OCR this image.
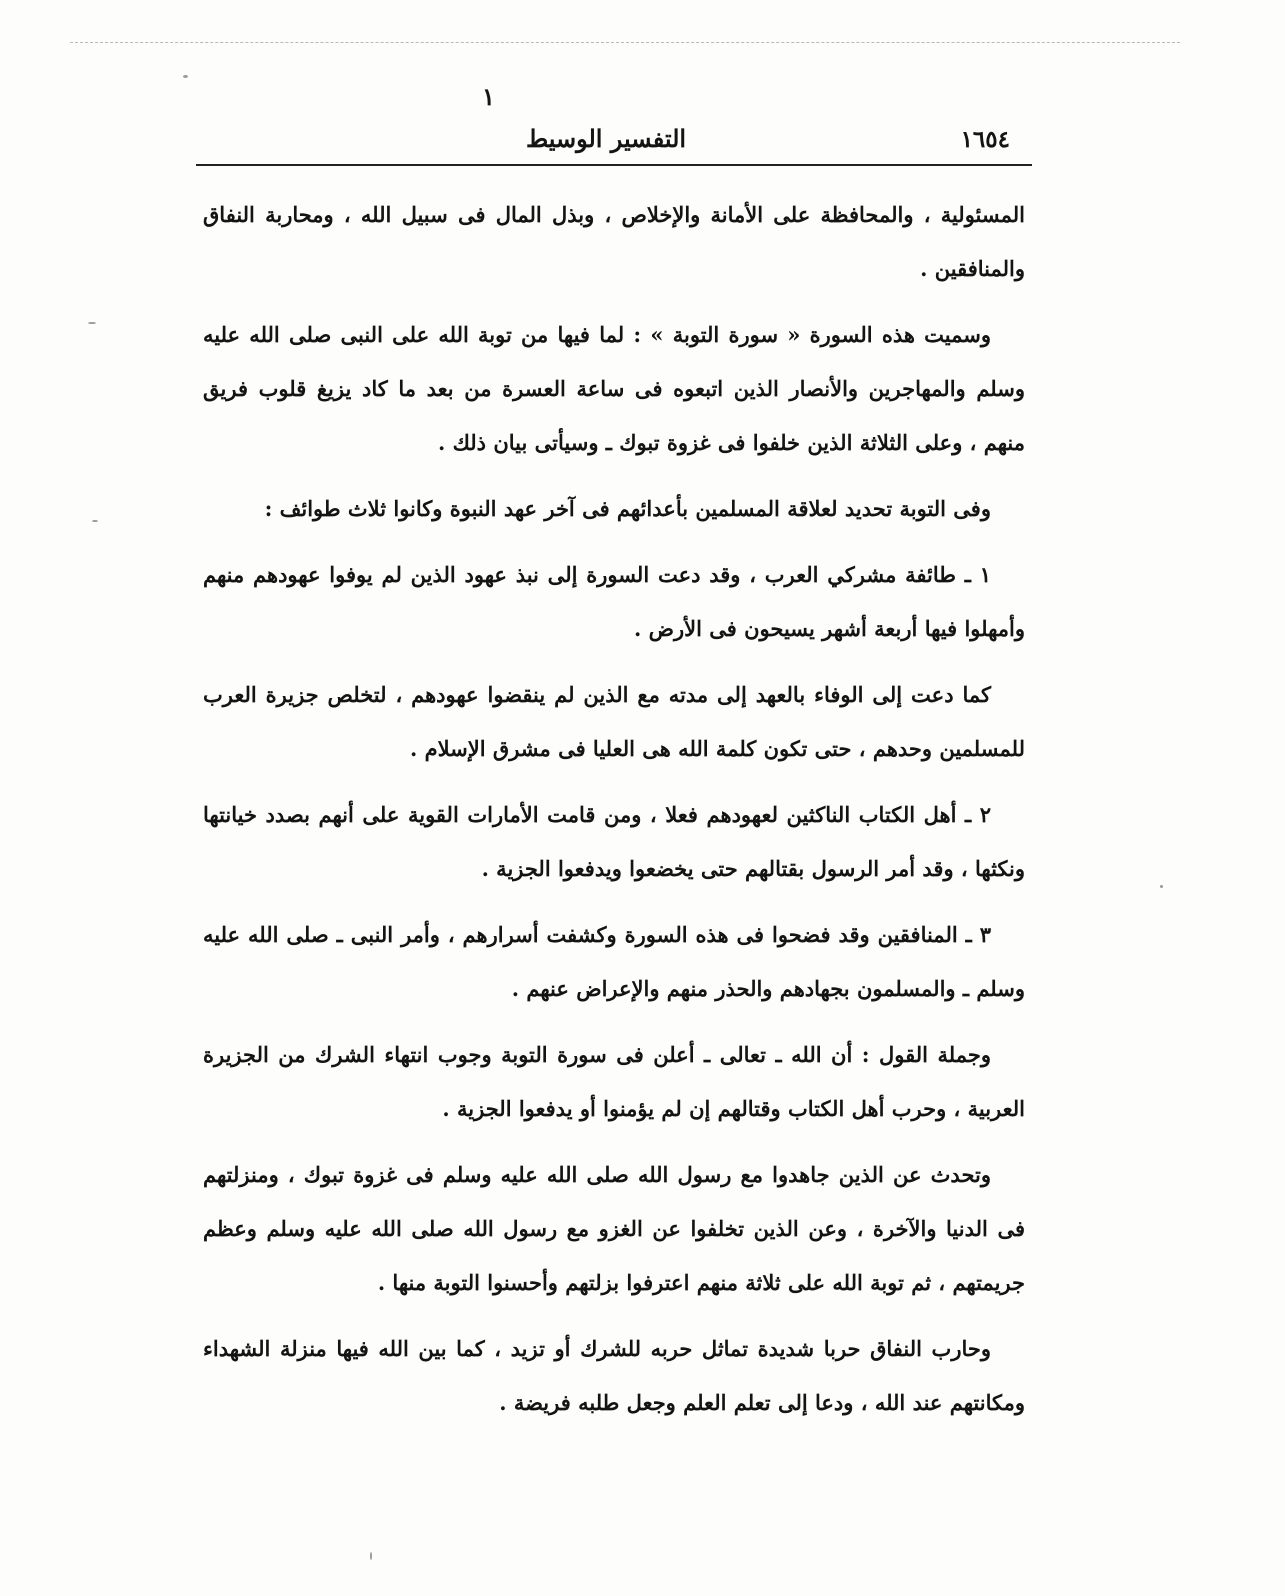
١
١٦٥٤
التفسير الوسيط

المسئولية ، والمحافظة على الأمانة والإخلاص ، وبذل المال فى سبيل الله ، ومحاربة النفاق والمنافقين .

وسميت هذه السورة « سورة التوبة » : لما فيها من توبة الله على النبى صلى الله عليه وسلم والمهاجرين والأنصار الذين اتبعوه فى ساعة العسرة من بعد ما كاد يزيغ قلوب فريق منهم ، وعلى الثلاثة الذين خلفوا فى غزوة تبوك ـ وسيأتى بيان ذلك .

وفى التوبة تحديد لعلاقة المسلمين بأعدائهم فى آخر عهد النبوة وكانوا ثلاث طوائف :

١ ـ طائفة مشركي العرب ، وقد دعت السورة إلى نبذ عهود الذين لم يوفوا عهودهم منهم وأمهلوا فيها أربعة أشهر يسيحون فى الأرض .

كما دعت إلى الوفاء بالعهد إلى مدته مع الذين لم ينقضوا عهودهم ، لتخلص جزيرة العرب للمسلمين وحدهم ، حتى تكون كلمة الله هى العليا فى مشرق الإسلام .

٢ ـ أهل الكتاب الناكثين لعهودهم فعلا ، ومن قامت الأمارات القوية على أنهم بصدد خيانتها ونكثها ، وقد أمر الرسول بقتالهم حتى يخضعوا ويدفعوا الجزية .

٣ ـ المنافقين وقد فضحوا فى هذه السورة وكشفت أسرارهم ، وأمر النبى ـ صلى الله عليه وسلم ـ والمسلمون بجهادهم والحذر منهم والإعراض عنهم .

وجملة القول : أن الله ـ تعالى ـ أعلن فى سورة التوبة وجوب انتهاء الشرك من الجزيرة العربية ، وحرب أهل الكتاب وقتالهم إن لم يؤمنوا أو يدفعوا الجزية .

وتحدث عن الذين جاهدوا مع رسول الله صلى الله عليه وسلم فى غزوة تبوك ، ومنزلتهم فى الدنيا والآخرة ، وعن الذين تخلفوا عن الغزو مع رسول الله صلى الله عليه وسلم وعظم جريمتهم ، ثم توبة الله على ثلاثة منهم اعترفوا بزلتهم وأحسنوا التوبة منها .

وحارب النفاق حربا شديدة تماثل حربه للشرك أو تزيد ، كما بين الله فيها منزلة الشهداء ومكانتهم عند الله ، ودعا إلى تعلم العلم وجعل طلبه فريضة .
